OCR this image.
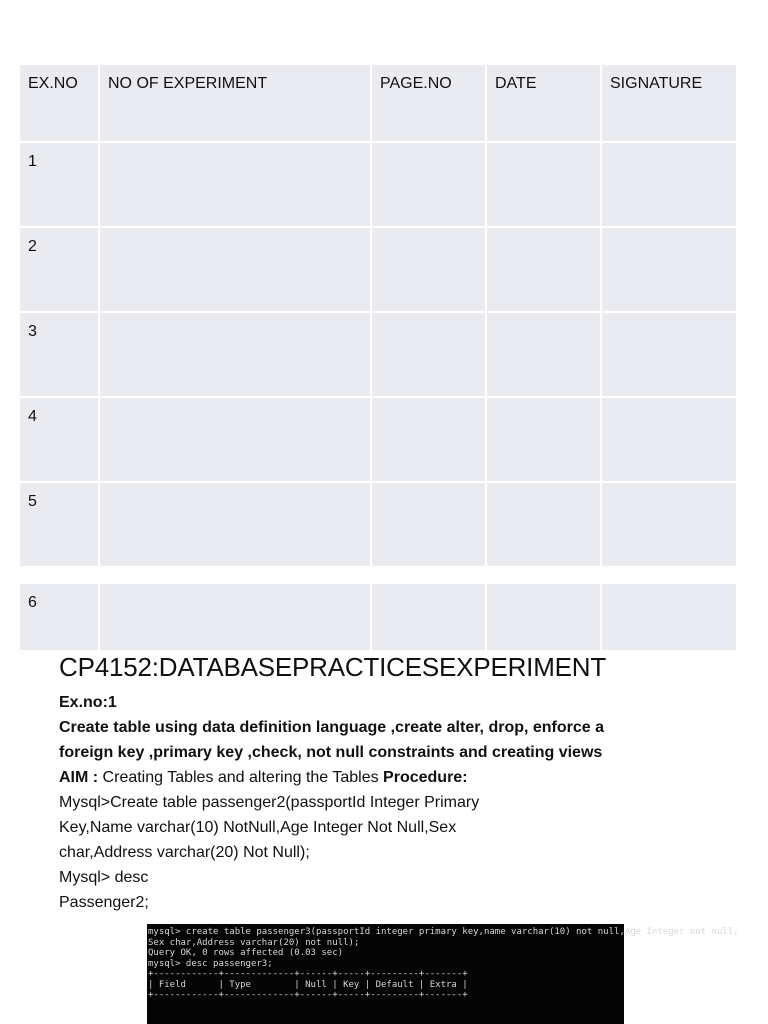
EX.NO	NO OF EXPERIMENT	PAGE.NO	DATE	SIGNATURE
1				
2				
3				
4				
5				
6				
CP4152:DATABASEPRACTICESEXPERIMENT

Ex.no:1

Create table using data definition language ,create alter, drop, enforce a foreign key ,primary key ,check, not null constraints and creating views

AIM : Creating Tables and altering the Tables Procedure:

Mysql>Create table passenger2(passportId Integer Primary

Key,Name varchar(10) NotNull,Age Integer Not Null,Sex

char,Address varchar(20) Not Null);

Mysql> desc

Passenger2;

mysql> create table passenger3(passportId integer primary key,name varchar(10) not null,Age Integer not null,
Sex char,Address varchar(20) not null);
Query OK, 0 rows affected (0.03 sec)
mysql> desc passenger3;
+------------+-------------+------+-----+---------+-------+
| Field      | Type        | Null | Key | Default | Extra |
+------------+-------------+------+-----+---------+-------+
